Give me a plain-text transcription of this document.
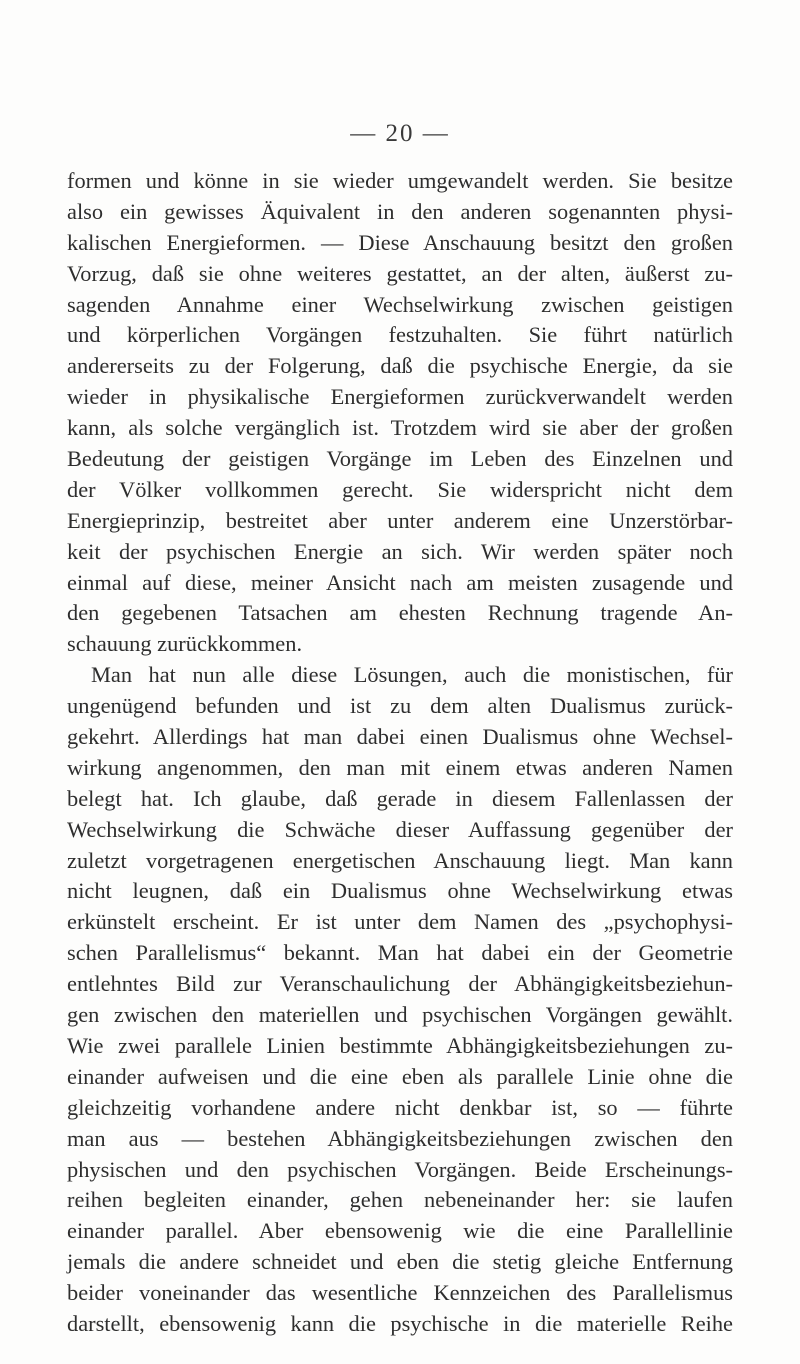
— 20 —
formen und könne in sie wieder umgewandelt werden. Sie besitze
also ein gewisses Äquivalent in den anderen sogenannten physi-
kalischen Energieformen. — Diese Anschauung besitzt den großen
Vorzug, daß sie ohne weiteres gestattet, an der alten, äußerst zu-
sagenden Annahme einer Wechselwirkung zwischen geistigen
und körperlichen Vorgängen festzuhalten. Sie führt natürlich
andererseits zu der Folgerung, daß die psychische Energie, da sie
wieder in physikalische Energieformen zurückverwandelt werden
kann, als solche vergänglich ist. Trotzdem wird sie aber der großen
Bedeutung der geistigen Vorgänge im Leben des Einzelnen und
der Völker vollkommen gerecht. Sie widerspricht nicht dem
Energieprinzip, bestreitet aber unter anderem eine Unzerstörbar-
keit der psychischen Energie an sich. Wir werden später noch
einmal auf diese, meiner Ansicht nach am meisten zusagende und
den gegebenen Tatsachen am ehesten Rechnung tragende An-
schauung zurückkommen.
Man hat nun alle diese Lösungen, auch die monistischen, für
ungenügend befunden und ist zu dem alten Dualismus zurück-
gekehrt. Allerdings hat man dabei einen Dualismus ohne Wechsel-
wirkung angenommen, den man mit einem etwas anderen Namen
belegt hat. Ich glaube, daß gerade in diesem Fallenlassen der
Wechselwirkung die Schwäche dieser Auffassung gegenüber der
zuletzt vorgetragenen energetischen Anschauung liegt. Man kann
nicht leugnen, daß ein Dualismus ohne Wechselwirkung etwas
erkünstelt erscheint. Er ist unter dem Namen des „psychophysi-
schen Parallelismus“ bekannt. Man hat dabei ein der Geometrie
entlehntes Bild zur Veranschaulichung der Abhängigkeitsbeziehun-
gen zwischen den materiellen und psychischen Vorgängen gewählt.
Wie zwei parallele Linien bestimmte Abhängigkeitsbeziehungen zu-
einander aufweisen und die eine eben als parallele Linie ohne die
gleichzeitig vorhandene andere nicht denkbar ist, so — führte
man aus — bestehen Abhängigkeitsbeziehungen zwischen den
physischen und den psychischen Vorgängen. Beide Erscheinungs-
reihen begleiten einander, gehen nebeneinander her: sie laufen
einander parallel. Aber ebensowenig wie die eine Parallellinie
jemals die andere schneidet und eben die stetig gleiche Entfernung
beider voneinander das wesentliche Kennzeichen des Parallelismus
darstellt, ebensowenig kann die psychische in die materielle Reihe
